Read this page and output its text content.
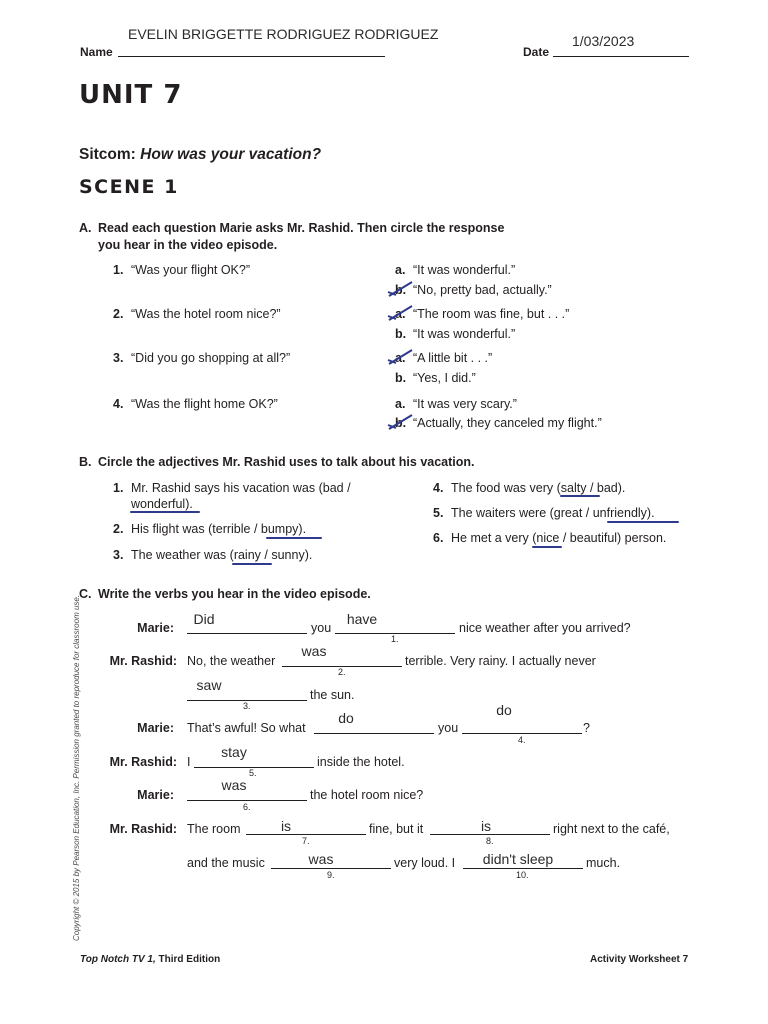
EVELIN BRIGGETTE RODRIGUEZ RODRIGUEZ
Name	Date
1/03/2023
UNIT 7
Sitcom: How was your vacation?
SCENE 1
A. Read each question Marie asks Mr. Rashid. Then circle the response
you hear in the video episode.
1. “Was your flight OK?”	a. “It was wonderful.”
b. “No, pretty bad, actually.”
2. “Was the hotel room nice?”	a. “The room was fine, but . . .”
b. “It was wonderful.”
3. “Did you go shopping at all?”	a. “A little bit . . .”
b. “Yes, I did.”
4. “Was the flight home OK?”	a. “It was very scary.”
b. “Actually, they canceled my flight.”
B. Circle the adjectives Mr. Rashid uses to talk about his vacation.
1. Mr. Rashid says his vacation was (bad /
wonderful).
2. His flight was (terrible / bumpy).
3. The weather was (rainy / sunny).
4. The food was very (salty / bad).
5. The waiters were (great / unfriendly).
6. He met a very (nice / beautiful) person.
C. Write the verbs you hear in the video episode.
Marie:
Did
you
have
1.
nice weather after you arrived?
Mr. Rashid: No, the weather
was
2.
terrible. Very rainy. I actually never
saw
3.
the sun.
Marie: That’s awful! So what
do
you
do
4.
?
Mr. Rashid: I
stay
5.
inside the hotel.
Marie:
was
6.
the hotel room nice?
Mr. Rashid: The room	is
7.
fine, but it	is
8.
right next to the café,
and the music	was
9.
very loud. I	didn't sleep
10.
much.
Copyright © 2015 by Pearson Education, Inc. Permission granted to reproduce for classroom use.
Top Notch TV 1, Third Edition	Activity Worksheet 7
